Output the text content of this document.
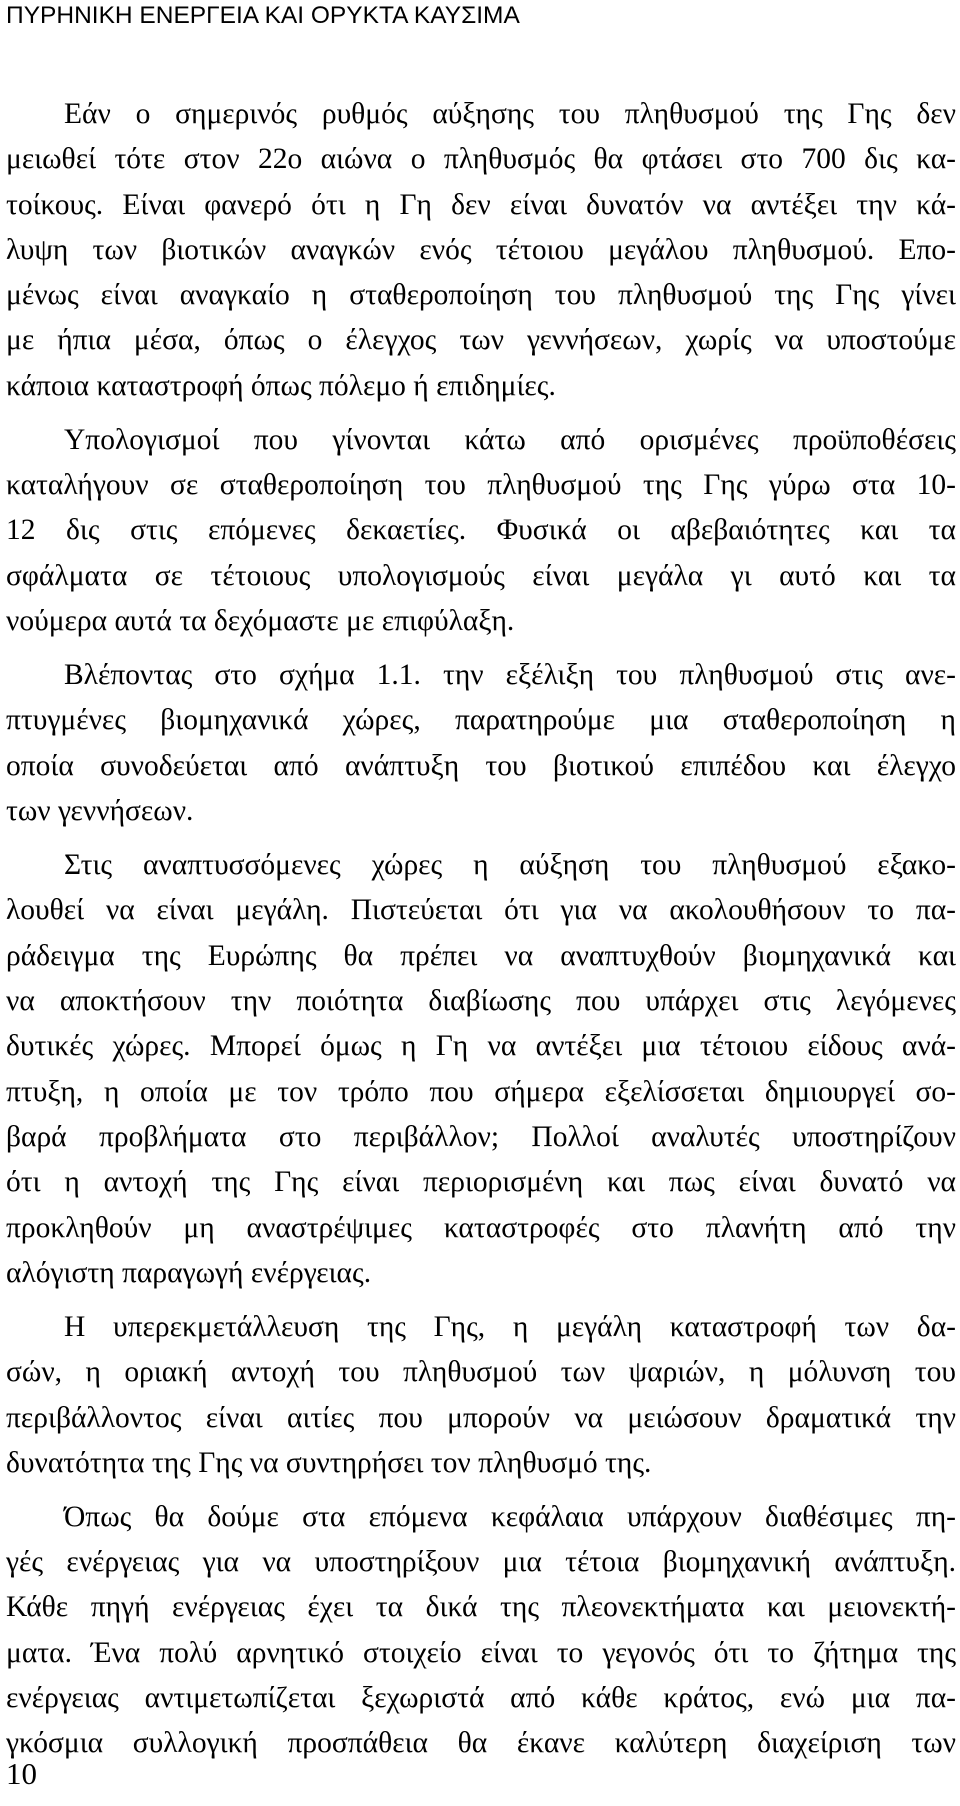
ΠΥΡΗΝΙΚΗ ΕΝΕΡΓΕΙΑ ΚΑΙ ΟΡΥΚΤΑ ΚΑΥΣΙΜΑ
Εάν ο σημερινός ρυθμός αύξησης του πληθυσμού της Γης δεν
μειωθεί τότε στον 22ο αιώνα ο πληθυσμός θα φτάσει στο 700 δις κα-
τοίκους. Είναι φανερό ότι η Γη δεν είναι δυνατόν να αντέξει την κά-
λυψη των βιοτικών αναγκών ενός τέτοιου μεγάλου πληθυσμού. Επο-
μένως είναι αναγκαίο η σταθεροποίηση του πληθυσμού της Γης γίνει
με ήπια μέσα, όπως ο έλεγχος των γεννήσεων, χωρίς να υποστούμε
κάποια καταστροφή όπως πόλεμο ή επιδημίες.
Υπολογισμοί που γίνονται κάτω από ορισμένες προϋποθέσεις
καταλήγουν σε σταθεροποίηση του πληθυσμού της Γης γύρω στα 10-
12 δις στις επόμενες δεκαετίες. Φυσικά οι αβεβαιότητες και τα
σφάλματα σε τέτοιους υπολογισμούς είναι μεγάλα γι αυτό και τα
νούμερα αυτά τα δεχόμαστε με επιφύλαξη.
Βλέποντας στο σχήμα 1.1. την εξέλιξη του πληθυσμού στις ανε-
πτυγμένες βιομηχανικά χώρες, παρατηρούμε μια σταθεροποίηση η
οποία συνοδεύεται από ανάπτυξη του βιοτικού επιπέδου και έλεγχο
των γεννήσεων.
Στις αναπτυσσόμενες χώρες η αύξηση του πληθυσμού εξακο-
λουθεί να είναι μεγάλη. Πιστεύεται ότι για να ακολουθήσουν το πα-
ράδειγμα της Ευρώπης θα πρέπει να αναπτυχθούν βιομηχανικά και
να αποκτήσουν την ποιότητα διαβίωσης που υπάρχει στις λεγόμενες
δυτικές χώρες. Μπορεί όμως η Γη να αντέξει μια τέτοιου είδους ανά-
πτυξη, η οποία με τον τρόπο που σήμερα εξελίσσεται δημιουργεί σο-
βαρά προβλήματα στο περιβάλλον; Πολλοί αναλυτές υποστηρίζουν
ότι η αντοχή της Γης είναι περιορισμένη και πως είναι δυνατό να
προκληθούν μη αναστρέψιμες καταστροφές στο πλανήτη από την
αλόγιστη παραγωγή ενέργειας.
Η υπερεκμετάλλευση της Γης, η μεγάλη καταστροφή των δα-
σών, η οριακή αντοχή του πληθυσμού των ψαριών, η μόλυνση του
περιβάλλοντος είναι αιτίες που μπορούν να μειώσουν δραματικά την
δυνατότητα της Γης να συντηρήσει τον πληθυσμό της.
Όπως θα δούμε στα επόμενα κεφάλαια υπάρχουν διαθέσιμες πη-
γές ενέργειας για να υποστηρίξουν μια τέτοια βιομηχανική ανάπτυξη.
Κάθε πηγή ενέργειας έχει τα δικά της πλεονεκτήματα και μειονεκτή-
ματα. Ένα πολύ αρνητικό στοιχείο είναι το γεγονός ότι το ζήτημα της
ενέργειας αντιμετωπίζεται ξεχωριστά από κάθε κράτος, ενώ μια πα-
γκόσμια συλλογική προσπάθεια θα έκανε καλύτερη διαχείριση των
10
